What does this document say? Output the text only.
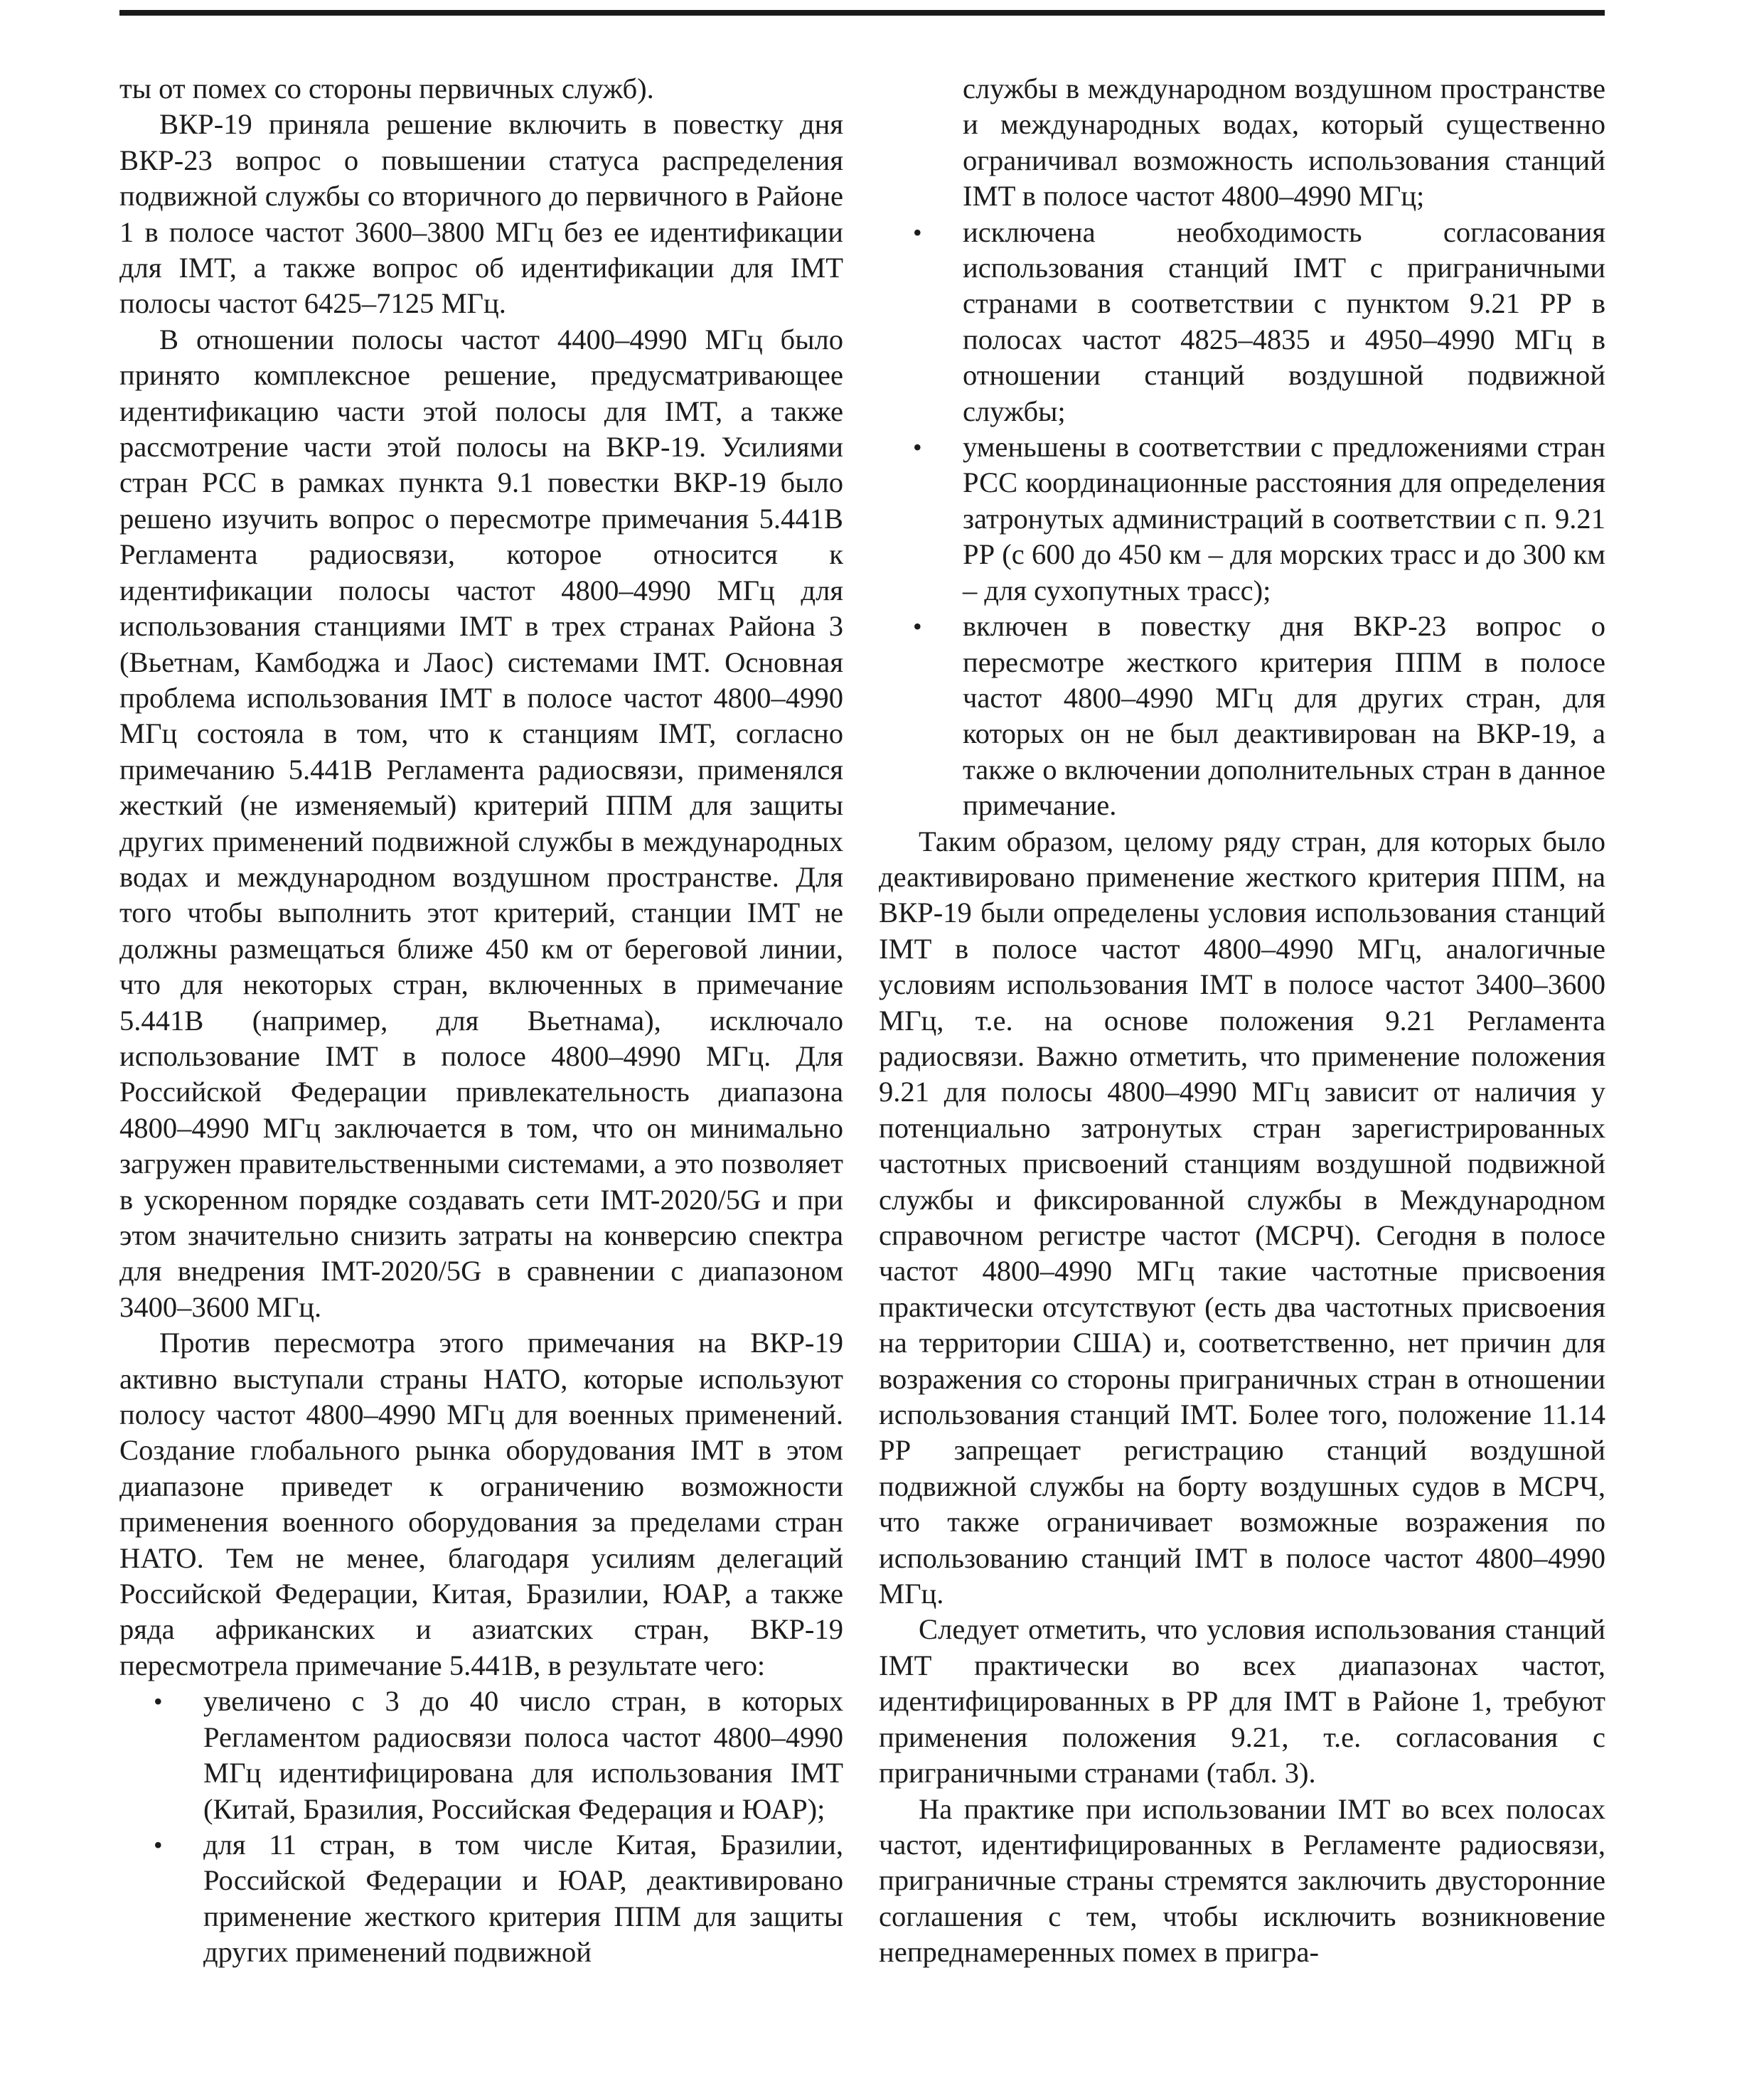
ты от помех со стороны первичных служб).

ВКР-19 приняла решение включить в повестку дня ВКР-23 вопрос о повышении статуса распределения подвижной службы со вторичного до первичного в Районе 1 в полосе частот 3600–3800 МГц без ее идентификации для IMT, а также вопрос об идентификации для IMT полосы частот 6425–7125 МГц.

В отношении полосы частот 4400–4990 МГц было принято комплексное решение, предусматривающее идентификацию части этой полосы для IMT, а также рассмотрение части этой полосы на ВКР-19. Усилиями стран РСС в рамках пункта 9.1 повестки ВКР-19 было решено изучить вопрос о пересмотре примечания 5.441B Регламента радиосвязи, которое относится к идентификации полосы частот 4800–4990 МГц для использования станциями IMT в трех странах Района 3 (Вьетнам, Камбоджа и Лаос) системами IMT. Основная проблема использования IMT в полосе частот 4800–4990 МГц состояла в том, что к станциям IMT, согласно примечанию 5.441B Регламента радиосвязи, применялся жесткий (не изменяемый) критерий ППМ для защиты других применений подвижной службы в международных водах и международном воздушном пространстве. Для того чтобы выполнить этот критерий, станции IMT не должны размещаться ближе 450 км от береговой линии, что для некоторых стран, включенных в примечание 5.441B (например, для Вьетнама), исключало использование IMT в полосе 4800–4990 МГц. Для Российской Федерации привлекательность диапазона 4800–4990 МГц заключается в том, что он минимально загружен правительственными системами, а это позволяет в ускоренном порядке создавать сети IMT-2020/5G и при этом значительно снизить затраты на конверсию спектра для внедрения IMT-2020/5G в сравнении с диапазоном 3400–3600 МГц.

Против пересмотра этого примечания на ВКР-19 активно выступали страны НАТО, которые используют полосу частот 4800–4990 МГц для военных применений. Создание глобального рынка оборудования IMT в этом диапазоне приведет к ограничению возможности применения военного оборудования за пределами стран НАТО. Тем не менее, благодаря усилиям делегаций Российской Федерации, Китая, Бразилии, ЮАР, а также ряда африканских и азиатских стран, ВКР-19 пересмотрела примечание 5.441B, в результате чего:

• увеличено с 3 до 40 число стран, в которых Регламентом радиосвязи полоса частот 4800–4990 МГц идентифицирована для использования IMT (Китай, Бразилия, Российская Федерация и ЮАР);
• для 11 стран, в том числе Китая, Бразилии, Российской Федерации и ЮАР, деактивировано применение жесткого критерия ППМ для защиты других применений подвижной

службы в международном воздушном пространстве и международных водах, который существенно ограничивал возможность использования станций IMT в полосе частот 4800–4990 МГц;

• исключена необходимость согласования использования станций IMT с приграничными странами в соответствии с пунктом 9.21 РР в полосах частот 4825–4835 и 4950–4990 МГц в отношении станций воздушной подвижной службы;
• уменьшены в соответствии с предложениями стран РСС координационные расстояния для определения затронутых администраций в соответствии с п. 9.21 РР (с 600 до 450 км – для морских трасс и до 300 км – для сухопутных трасс);
• включен в повестку дня ВКР-23 вопрос о пересмотре жесткого критерия ППМ в полосе частот 4800–4990 МГц для других стран, для которых он не был деактивирован на ВКР-19, а также о включении дополнительных стран в данное примечание.

Таким образом, целому ряду стран, для которых было деактивировано применение жесткого критерия ППМ, на ВКР-19 были определены условия использования станций IMT в полосе частот 4800–4990 МГц, аналогичные условиям использования IMT в полосе частот 3400–3600 МГц, т.е. на основе положения 9.21 Регламента радиосвязи. Важно отметить, что применение положения 9.21 для полосы 4800–4990 МГц зависит от наличия у потенциально затронутых стран зарегистрированных частотных присвоений станциям воздушной подвижной службы и фиксированной службы в Международном справочном регистре частот (МСРЧ). Сегодня в полосе частот 4800–4990 МГц такие частотные присвоения практически отсутствуют (есть два частотных присвоения на территории США) и, соответственно, нет причин для возражения со стороны приграничных стран в отношении использования станций IMT. Более того, положение 11.14 РР запрещает регистрацию станций воздушной подвижной службы на борту воздушных судов в МСРЧ, что также ограничивает возможные возражения по использованию станций IMT в полосе частот 4800–4990 МГц.

Следует отметить, что условия использования станций IMT практически во всех диапазонах частот, идентифицированных в РР для IMT в Районе 1, требуют применения положения 9.21, т.е. согласования с приграничными странами (табл. 3).

На практике при использовании IMT во всех полосах частот, идентифицированных в Регламенте радиосвязи, приграничные страны стремятся заключить двусторонние соглашения с тем, чтобы исключить возникновение непреднамеренных помех в пригра-
